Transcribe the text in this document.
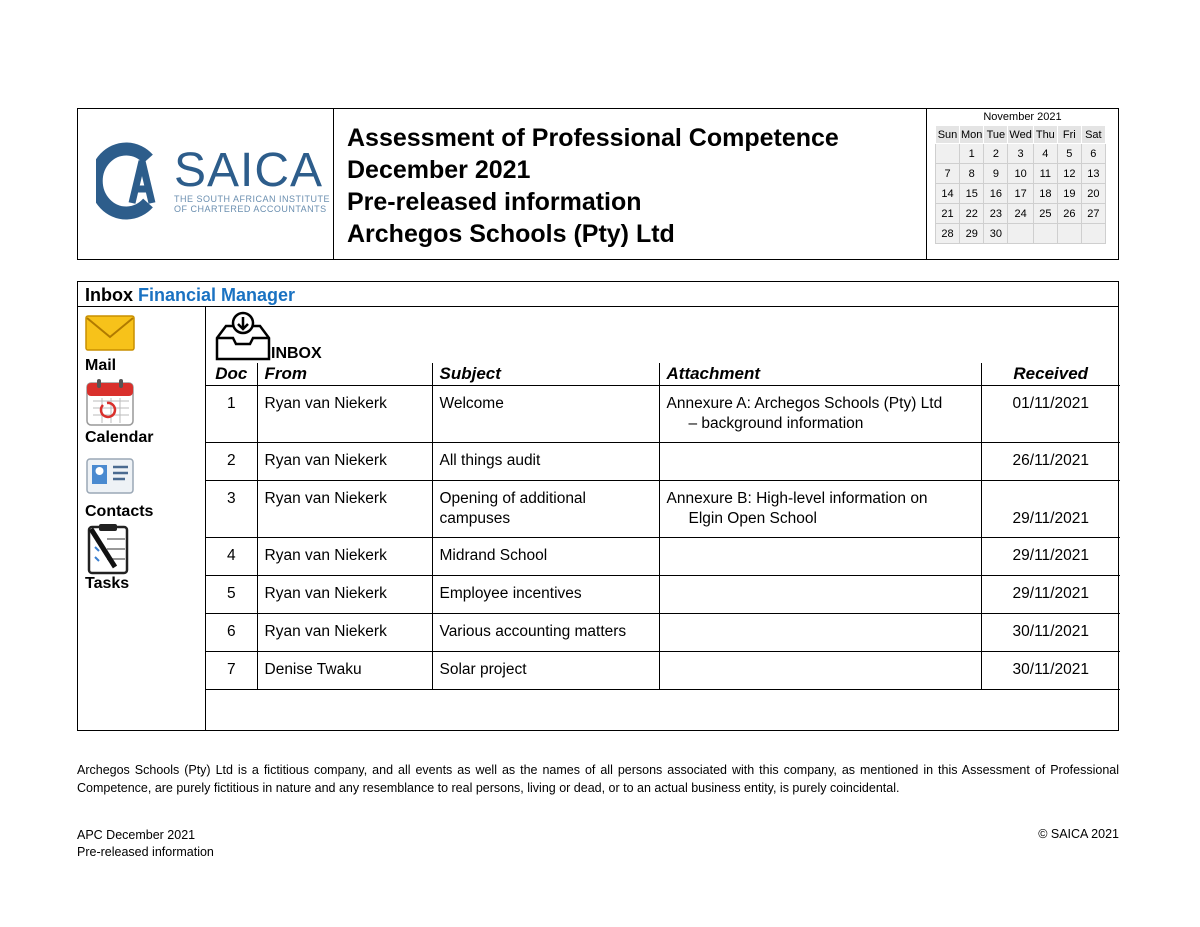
SAICA
THE SOUTH AFRICAN INSTITUTE
OF CHARTERED ACCOUNTANTS
Assessment of Professional Competence
December 2021
Pre-released information
Archegos Schools (Pty) Ltd
November 2021
Sun	Mon	Tue	Wed	Thu	Fri	Sat
	1	2	3	4	5	6
7	8	9	10	11	12	13
14	15	16	17	18	19	20
21	22	23	24	25	26	27
28	29	30				
Inbox Financial Manager
Mail
Calendar
Contacts
Tasks
INBOX
Doc	From	Subject	Attachment	Received
1	Ryan van Niekerk	Welcome	Annexure A: Archegos Schools (Pty) Ltd
– background information	01/11/2021
2	Ryan van Niekerk	All things audit		26/11/2021
3	Ryan van Niekerk	Opening of additional campuses	Annexure B: High-level information on
Elgin Open School	29/11/2021
4	Ryan van Niekerk	Midrand School		29/11/2021
5	Ryan van Niekerk	Employee incentives		29/11/2021
6	Ryan van Niekerk	Various accounting matters		30/11/2021
7	Denise Twaku	Solar project		30/11/2021
Archegos Schools (Pty) Ltd is a fictitious company, and all events as well as the names of all persons associated with this company, as mentioned in this Assessment of Professional Competence, are purely fictitious in nature and any resemblance to real persons, living or dead, or to an actual business entity, is purely coincidental.
APC December 2021
Pre-released information
© SAICA 2021
